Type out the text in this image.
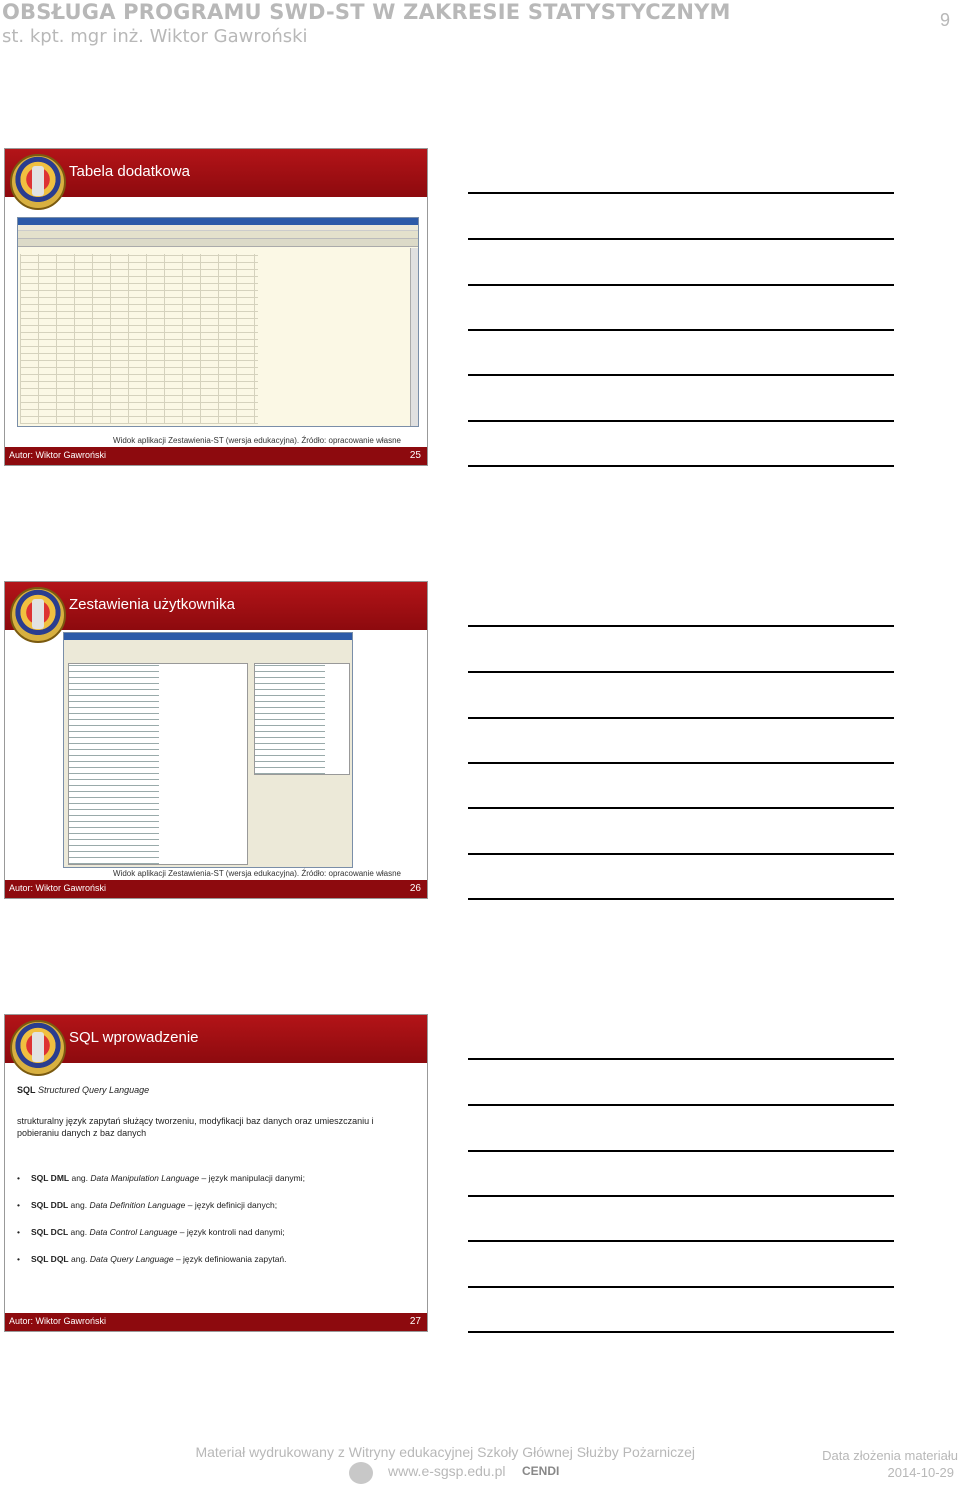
OBSŁUGA PROGRAMU SWD-ST W ZAKRESIE STATYSTYCZNYM
st. kpt. mgr inż. Wiktor Gawroński
9
Tabela dodatkowa
Widok aplikacji Zestawienia-ST (wersja edukacyjna). Źródło: opracowanie własne
Autor: Wiktor Gawroński	25
Zestawienia użytkownika
Widok aplikacji Zestawienia-ST (wersja edukacyjna). Źródło: opracowanie własne
Autor: Wiktor Gawroński	26
SQL wprowadzenie
SQL Structured Query Language
strukturalny język zapytań służący tworzeniu, modyfikacji baz danych oraz umieszczaniu i pobieraniu danych z baz danych
• SQL DML ang. Data Manipulation Language – język manipulacji danymi;
• SQL DDL ang. Data Definition Language – język definicji danych;
• SQL DCL ang. Data Control Language – język kontroli nad danymi;
• SQL DQL ang. Data Query Language – język definiowania zapytań.
Autor: Wiktor Gawroński	27
Materiał wydrukowany z Witryny edukacyjnej Szkoły Głównej Służby Pożarniczej
www.e-sgsp.edu.pl CENDI
Data złożenia materiału
2014-10-29
